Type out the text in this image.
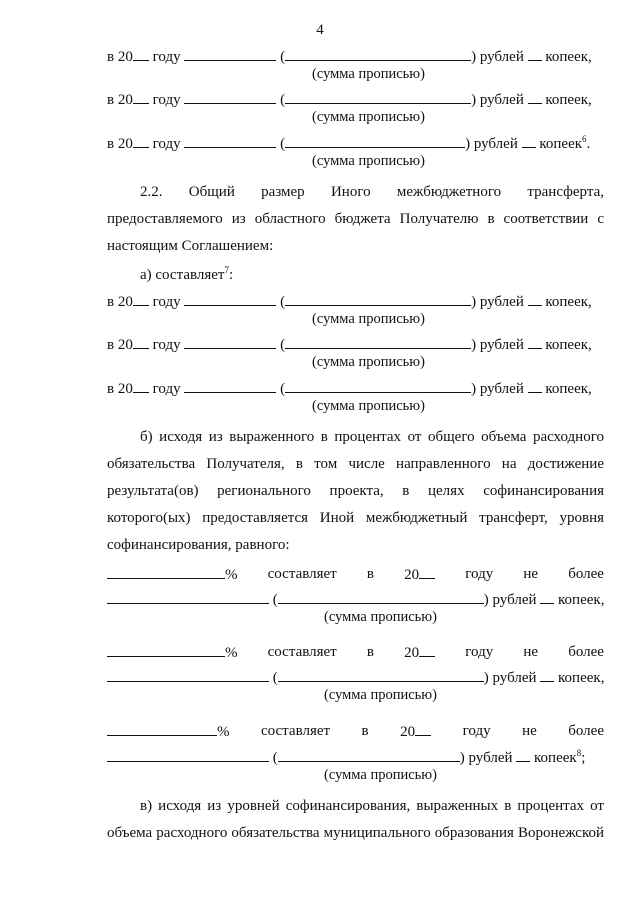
4
в 20 году	(	) рублей копеек,
(сумма прописью)
в 20 году	(	) рублей копеек,
(сумма прописью)
в 20 году	(	) рублей копеек$^6$.
(сумма прописью)
2.2. Общий размер Иного межбюджетного трансферта,
предоставляемого из областного бюджета Получателю в соответствии с
настоящим Соглашением:
а) составляет$^7$:
в 20 году	(	) рублей копеек,
(сумма прописью)
в 20 году	(	) рублей копеек,
(сумма прописью)
в 20 году	(	) рублей копеек,
(сумма прописью)
б) исходя из выраженного в процентах от общего объема расходного
обязательства Получателя, в том числе направленного на достижение
результата(ов) регионального проекта, в целях софинансирования
которого(ых) предоставляется Иной межбюджетный трансферт, уровня
софинансирования, равного:
% составляет в 20	году не более
(	) рублей копеек,
(сумма прописью)
% составляет в 20	году не более
(	) рублей копеек,
(сумма прописью)
% составляет в 20	году не более
(	) рублей копеек$^8$;
(сумма прописью)
в) исходя из уровней софинансирования, выраженных в процентах от
объема расходного обязательства муниципального образования Воронежской
